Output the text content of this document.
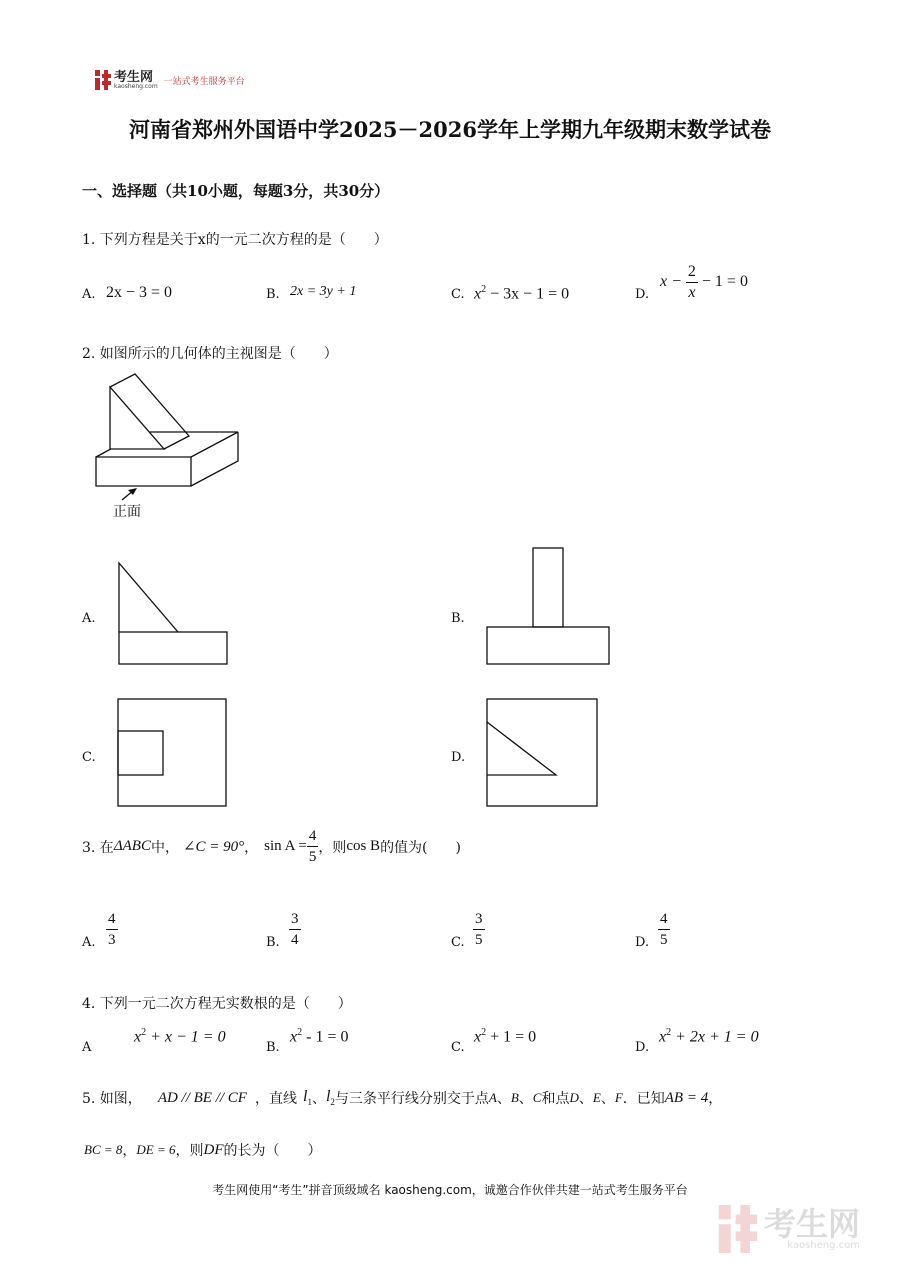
考生网
kaosheng.com 一站式考生服务平台
河南省郑州外国语中学2025－2026学年上学期九年级期末数学试卷
一、选择题（共10小题，每题3分，共30分）
1. 下列方程是关于x的一元二次方程的是（　　）
A. 2x − 3 = 0	B. 2x = 3y + 1	C. $x^2 - 3x - 1 = 0$	D.
$x - \frac{2}{x} - 1 = 0$
2. 如图所示的几何体的主视图是（　　）
正面
A.	B.
C.	D.
3. 在 ΔABC 中， ∠C = 90° ， $\sin A = \frac{4}{5}$ ，则 cos B 的值为(　　)
A. $\frac{4}{3}$	B. $\frac{3}{4}$	C. $\frac{3}{5}$	D. $\frac{4}{5}$
4. 下列一元二次方程无实数根的是（　　）
A
$x^2 + x - 1 = 0$
B.
$x^2 - 1 = 0$
C.
$x^2 + 1 = 0$
D.
$x^2 + 2x + 1 = 0$
5. 如图， AD // BE // CF ，直线 $l_1$ 、 $l_2$ 与三条平行线分别交于点 A 、 B 、 C 和点 D 、 E 、 F ．已知 AB = 4 ，
BC = 8 ， DE = 6 ，则 DF 的长为（　　）
考生网使用“考生”拼音顶级域名 kaosheng.com，诚邀合作伙伴共建一站式考生服务平台
考生网
kaosheng.com
